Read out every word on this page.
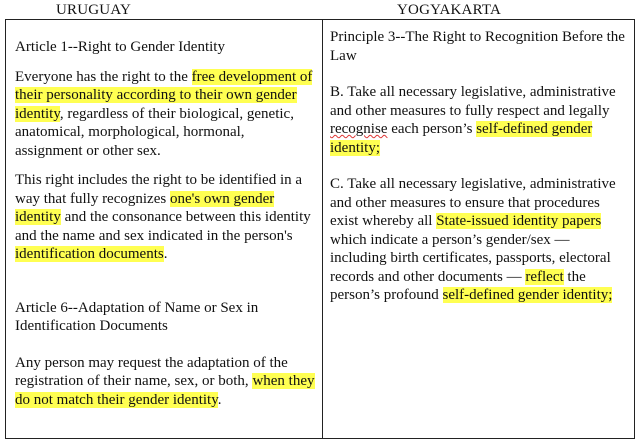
URUGUAY	YOGYAKARTA

Article 1--Right to Gender Identity

Everyone has the right to the free development of their personality according to their own gender identity, regardless of their biological, genetic, anatomical, morphological, hormonal, assignment or other sex.

This right includes the right to be identified in a way that fully recognizes one's own gender identity and the consonance between this identity and the name and sex indicated in the person's identification documents.

Article 6--Adaptation of Name or Sex in Identification Documents

Any person may request the adaptation of the registration of their name, sex, or both, when they do not match their gender identity.

Principle 3--The Right to Recognition Before the Law

B. Take all necessary legislative, administrative and other measures to fully respect and legally recognise each person’s self-defined gender identity;

C. Take all necessary legislative, administrative and other measures to ensure that procedures exist whereby all State-issued identity papers which indicate a person’s gender/sex — including birth certificates, passports, electoral records and other documents — reflect the person’s profound self-defined gender identity;
